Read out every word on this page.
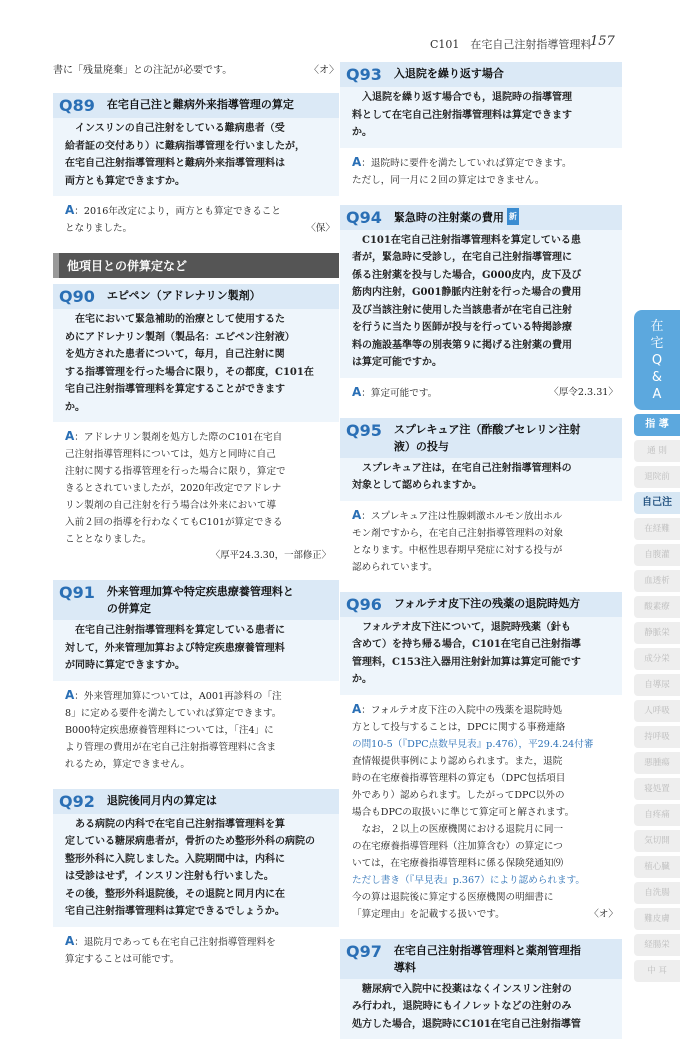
C101　在宅自己注射指導管理料
157
書に「残量廃棄」との注記が必要です。	〈オ〉
Q89 在宅自己注と難病外来指導管理の算定
インスリンの自己注射をしている難病患者（受
給者証の交付あり）に難病指導管理を行いましたが，
在宅自己注射指導管理料と難病外来指導管理料は
両方とも算定できますか。
A：2016年改定により，両方とも算定できること
となりました。	〈保〉
他項目との併算定など
Q90 エピペン（アドレナリン製剤）
在宅において緊急補助的治療として使用するた
めにアドレナリン製剤（製品名：エピペン注射液）
を処方された患者について，毎月，自己注射に関
する指導管理を行った場合に限り，その都度，C101在
宅自己注射指導管理料を算定することができます
か。
A：アドレナリン製剤を処方した際のC101在宅自
己注射指導管理料については，処方と同時に自己
注射に関する指導管理を行った場合に限り，算定で
きるとされていましたが，2020年改定でアドレナ
リン製剤の自己注射を行う場合は外来において導
入前２回の指導を行わなくてもC101が算定できる
こととなりました。
〈厚平24.3.30，一部修正〉
Q91 外来管理加算や特定疾患療養管理料と
の併算定
在宅自己注射指導管理料を算定している患者に
対して，外来管理加算および特定疾患療養管理料
が同時に算定できますか。
A：外来管理加算については，A001再診料の「注
8」に定める要件を満たしていれば算定できます。
B000特定疾患療養管理料については，「注4」に
より管理の費用が在宅自己注射指導管理料に含ま
れるため，算定できません。
Q92 退院後同月内の算定は
ある病院の内科で在宅自己注射指導管理料を算
定している糖尿病患者が，骨折のため整形外科の病院の
整形外科に入院しました。入院期間中は，内科に
は受診はせず，インスリン注射も行いました。
その後，整形外科退院後，その退院と同月内に在
宅自己注射指導管理料は算定できるでしょうか。
A：退院月であっても在宅自己注射指導管理料を
算定することは可能です。
Q93 入退院を繰り返す場合
入退院を繰り返す場合でも，退院時の指導管理
料として在宅自己注射指導管理料は算定できます
か。
A：退院時に要件を満たしていれば算定できます。
ただし，同一月に２回の算定はできません。
Q94 緊急時の注射薬の費用 新
C101在宅自己注射指導管理料を算定している患
者が，緊急時に受診し，在宅自己注射指導管理に
係る注射薬を投与した場合，G000皮内，皮下及び
筋肉内注射，G001静脈内注射を行った場合の費用
及び当該注射に使用した当該患者が在宅自己注射
を行うに当たり医師が投与を行っている特掲診療
料の施設基準等の別表第９に掲げる注射薬の費用
は算定可能ですか。
A：算定可能です。	〈厚令2.3.31〉
Q95 スプレキュア注（酢酸ブセレリン注射
液）の投与
スプレキュア注は，在宅自己注射指導管理料の
対象として認められますか。
A：スプレキュア注は性腺刺激ホルモン放出ホル
モン剤ですから，在宅自己注射指導管理料の対象
となります。中枢性思春期早発症に対する投与が
認められています。
Q96 フォルテオ皮下注の残薬の退院時処方
フォルテオ皮下注について，退院時残薬（針も
含めて）を持ち帰る場合，C101在宅自己注射指導
管理料，C153注入器用注射針加算は算定可能です
か。
A：フォルテオ皮下注の入院中の残薬を退院時処
方として投与することは，DPCに関する事務連絡
の問10-5（『DPC点数早見表』p.476），平29.4.24付審
査情報提供事例により認められます。また，退院
時の在宅療養指導管理料の算定も（DPC包括項目
外であり）認められます。したがってDPC以外の
場合もDPCの取扱いに準じて算定可と解されます。
なお，２以上の医療機関における退院月に同一
の在宅療養指導管理料（注加算含む）の算定につ
いては，在宅療養指導管理料に係る保険発通知⑼
ただし書き（『早見表』p.367）により認められます。
今の算は退院後に算定する医療機関の明細書に
「算定理由」を記載する扱いです。	〈オ〉
Q97 在宅自己注射指導管理料と薬剤管理指
導料
糖尿病で入院中に投薬はなくインスリン注射の
み行われ，退院時にもイノレットなどの注射のみ
処方した場合，退院時にC101在宅自己注射指導管
在
宅
Q
&
A
指 導
通 則
退院前
自己注
在経難
自腹灌
血透析
酸素療
静脈栄
成分栄
自導尿
人呼吸
持呼吸
悪腫瘍
寝処置
自疼痛
気切開
植心臓
自洗腸
難皮膚
経腸栄
中 耳
